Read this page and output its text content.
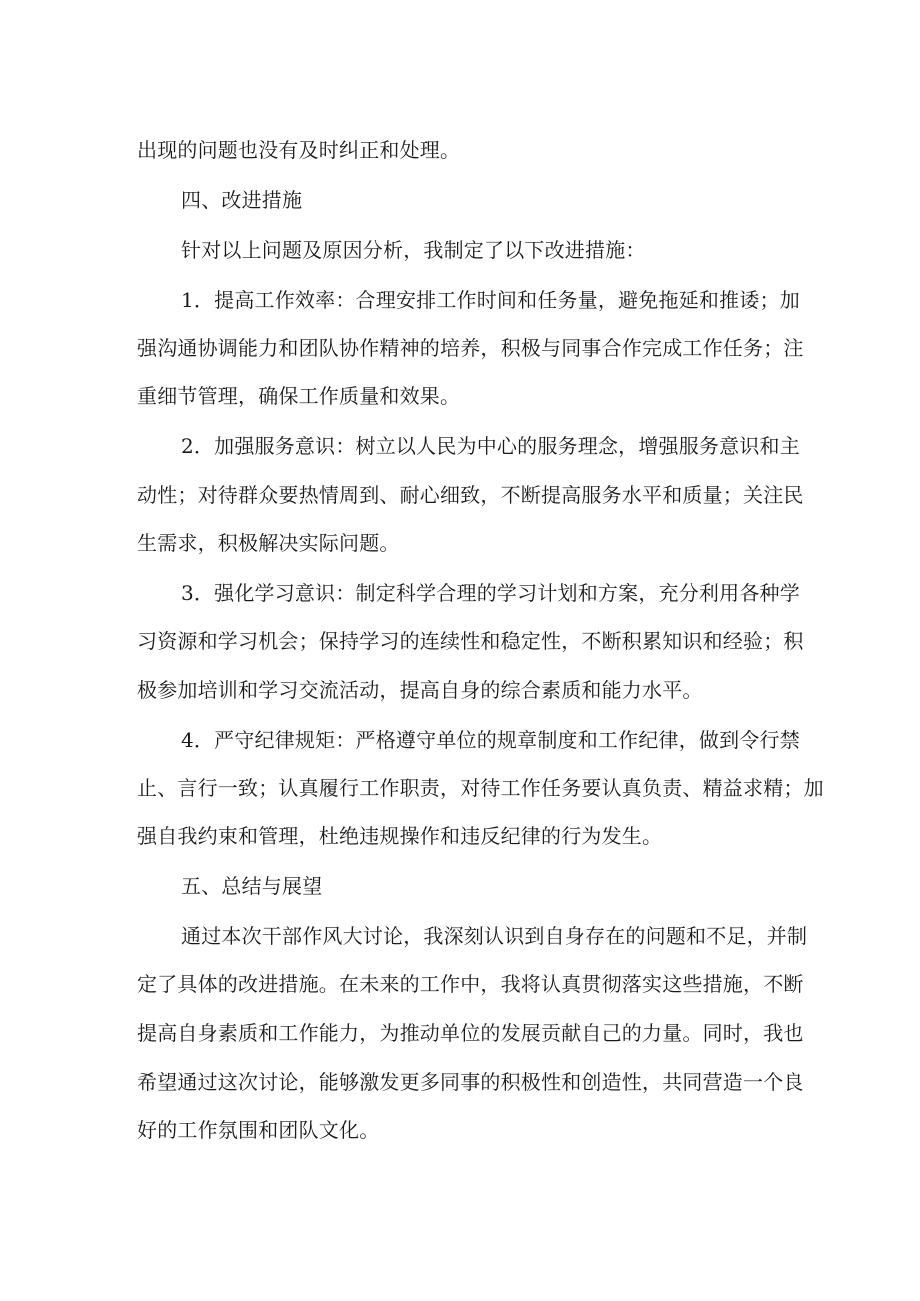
出现的问题也没有及时纠正和处理。
四、改进措施
针对以上问题及原因分析，我制定了以下改进措施：
1．提高工作效率：合理安排工作时间和任务量，避免拖延和推诿；加
强沟通协调能力和团队协作精神的培养，积极与同事合作完成工作任务；注
重细节管理，确保工作质量和效果。
2．加强服务意识：树立以人民为中心的服务理念，增强服务意识和主
动性；对待群众要热情周到、耐心细致，不断提高服务水平和质量；关注民
生需求，积极解决实际问题。
3．强化学习意识：制定科学合理的学习计划和方案，充分利用各种学
习资源和学习机会；保持学习的连续性和稳定性，不断积累知识和经验；积
极参加培训和学习交流活动，提高自身的综合素质和能力水平。
4．严守纪律规矩：严格遵守单位的规章制度和工作纪律，做到令行禁
止、言行一致；认真履行工作职责，对待工作任务要认真负责、精益求精；加
强自我约束和管理，杜绝违规操作和违反纪律的行为发生。
五、总结与展望
通过本次干部作风大讨论，我深刻认识到自身存在的问题和不足，并制
定了具体的改进措施。在未来的工作中，我将认真贯彻落实这些措施，不断
提高自身素质和工作能力，为推动单位的发展贡献自己的力量。同时，我也
希望通过这次讨论，能够激发更多同事的积极性和创造性，共同营造一个良
好的工作氛围和团队文化。
